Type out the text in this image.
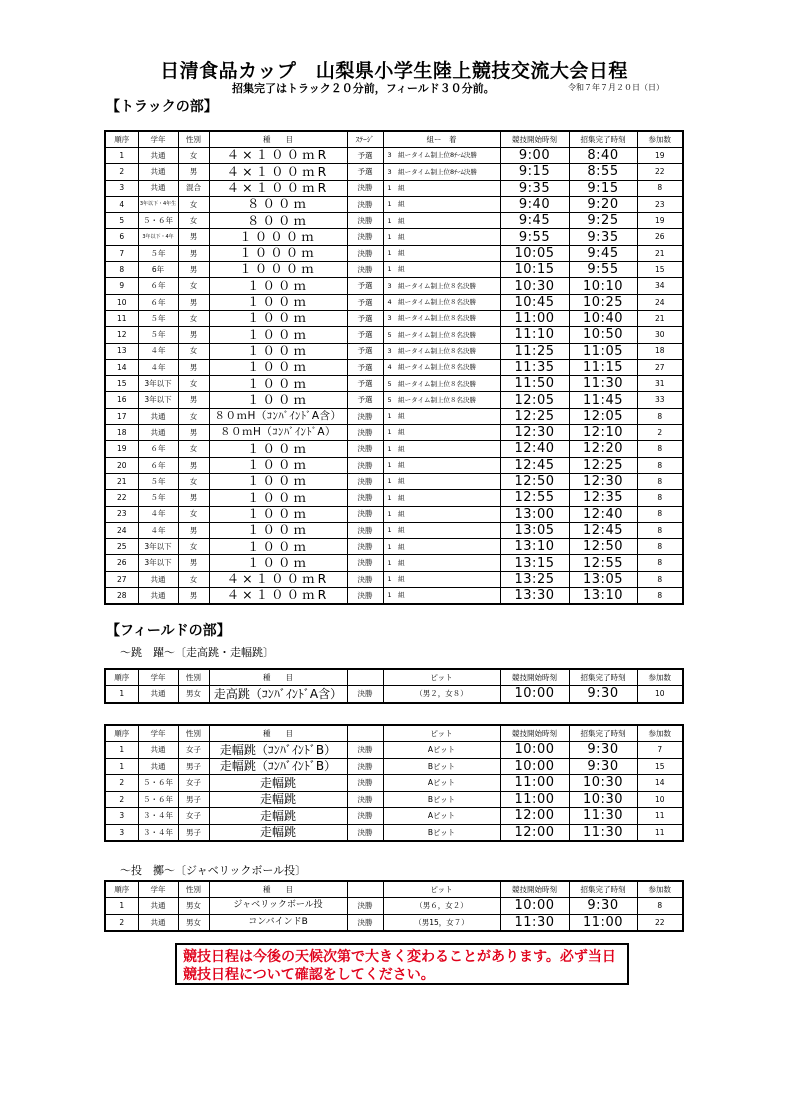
日清食品カップ　山梨県小学生陸上競技交流大会日程
招集完了はトラック２０分前，フィールド３０分前。	令和７年７月２０日（日）
【トラックの部】
順序	学年	性別	種　　目	ｽﾃｰｼﾞ	組ー　着	競技開始時刻	招集完了時刻	参加数
1	共通	女	４×１００ｍR	予選	3　組ータイム制上位8ﾁｰﾑ決勝	9:00	8:40	19
2	共通	男	４×１００ｍR	予選	3　組ータイム制上位8ﾁｰﾑ決勝	9:15	8:55	22
3	共通	混合	４×１００ｍR	決勝	1　組	9:35	9:15	8
4	3年以下・4年生	女	８００ｍ	決勝	1　組	9:40	9:20	23
5	５・６年	女	８００ｍ	決勝	1　組	9:45	9:25	19
6	3年以下・4年	男	１０００ｍ	決勝	1　組	9:55	9:35	26
7	５年	男	１０００ｍ	決勝	1　組	10:05	9:45	21
8	6年	男	１０００ｍ	決勝	1　組	10:15	9:55	15
9	６年	女	１００ｍ	予選	3　組ータイム制上位８名決勝	10:30	10:10	34
10	６年	男	１００ｍ	予選	4　組ータイム制上位８名決勝	10:45	10:25	24
11	５年	女	１００ｍ	予選	3　組ータイム制上位８名決勝	11:00	10:40	21
12	５年	男	１００ｍ	予選	5　組ータイム制上位８名決勝	11:10	10:50	30
13	４年	女	１００ｍ	予選	3　組ータイム制上位８名決勝	11:25	11:05	18
14	４年	男	１００ｍ	予選	4　組ータイム制上位８名決勝	11:35	11:15	27
15	3年以下	女	１００ｍ	予選	5　組ータイム制上位８名決勝	11:50	11:30	31
16	3年以下	男	１００ｍ	予選	5　組ータイム制上位８名決勝	12:05	11:45	33
17	共通	女	８０ｍH（ｺﾝﾊﾞｲﾝﾄﾞA含）	決勝	1　組	12:25	12:05	8
18	共通	男	８０ｍH（ｺﾝﾊﾞｲﾝﾄﾞA）	決勝	1　組	12:30	12:10	2
19	６年	女	１００ｍ	決勝	1　組	12:40	12:20	8
20	６年	男	１００ｍ	決勝	1　組	12:45	12:25	8
21	５年	女	１００ｍ	決勝	1　組	12:50	12:30	8
22	５年	男	１００ｍ	決勝	1　組	12:55	12:35	8
23	４年	女	１００ｍ	決勝	1　組	13:00	12:40	8
24	４年	男	１００ｍ	決勝	1　組	13:05	12:45	8
25	3年以下	女	１００ｍ	決勝	1　組	13:10	12:50	8
26	3年以下	男	１００ｍ	決勝	1　組	13:15	12:55	8
27	共通	女	４×１００ｍR	決勝	1　組	13:25	13:05	8
28	共通	男	４×１００ｍR	決勝	1　組	13:30	13:10	8
【フィールドの部】
～跳　躍～〔走高跳・走幅跳〕
順序	学年	性別	種　　目		ピット	競技開始時刻	招集完了時刻	参加数
1	共通	男女	走高跳（ｺﾝﾊﾞｲﾝﾄﾞA含）	決勝	（男２，女８）	10:00	9:30	10
順序	学年	性別	種　　目		ピット	競技開始時刻	招集完了時刻	参加数
1	共通	女子	走幅跳（ｺﾝﾊﾞｲﾝﾄﾞB）	決勝	Aピット	10:00	9:30	7
1	共通	男子	走幅跳（ｺﾝﾊﾞｲﾝﾄﾞB）	決勝	Bピット	10:00	9:30	15
2	５・６年	女子	走幅跳	決勝	Aピット	11:00	10:30	14
2	５・６年	男子	走幅跳	決勝	Bピット	11:00	10:30	10
3	３・４年	女子	走幅跳	決勝	Aピット	12:00	11:30	11
3	３・４年	男子	走幅跳	決勝	Bピット	12:00	11:30	11
～投　擲～〔ジャベリックボール投〕
順序	学年	性別	種　　目		ピット	競技開始時刻	招集完了時刻	参加数
1	共通	男女	ジャベリックボール投	決勝	（男６，女２）	10:00	9:30	8
2	共通	男女	コンバインドB	決勝	（男15，女７）	11:30	11:00	22
競技日程は今後の天候次第で大きく変わることがあります。必ず当日競技日程について確認をしてください。
